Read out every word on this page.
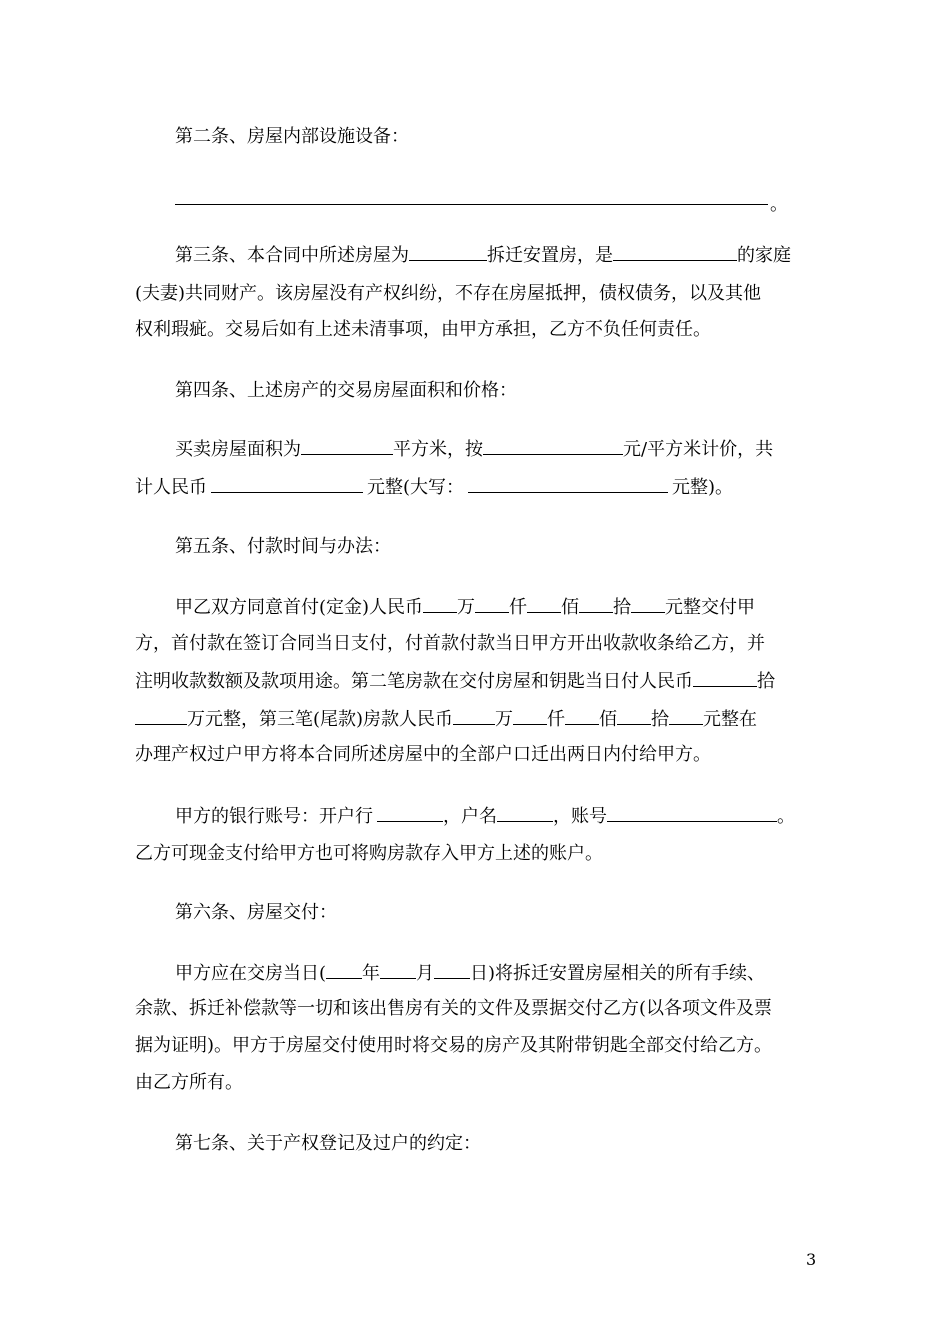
第二条、房屋内部设施设备：
。
第三条、本合同中所述房屋为	拆迁安置房，是	的家庭
(夫妻)共同财产。该房屋没有产权纠纷，不存在房屋抵押，债权债务，以及其他
权利瑕疵。交易后如有上述未清事项，由甲方承担，乙方不负任何责任。
第四条、上述房产的交易房屋面积和价格：
买卖房屋面积为	平方米，按	元/平方米计价，共
计人民币	元整(大写：	元整)。
第五条、付款时间与办法：
甲乙双方同意首付(定金)人民币 万 仟 佰 拾 元整交付甲
方，首付款在签订合同当日支付，付首款付款当日甲方开出收款收条给乙方，并
注明收款数额及款项用途。第二笔房款在交付房屋和钥匙当日付人民币	拾
万元整，第三笔(尾款)房款人民币 万 仟 佰 拾 元整在
办理产权过户甲方将本合同所述房屋中的全部户口迁出两日内付给甲方。
甲方的银行账号：开户行	，户名	，账号	。
乙方可现金支付给甲方也可将购房款存入甲方上述的账户。
第六条、房屋交付：
甲方应在交房当日( 年 月 日)将拆迁安置房屋相关的所有手续、
余款、拆迁补偿款等一切和该出售房有关的文件及票据交付乙方(以各项文件及票
据为证明)。甲方于房屋交付使用时将交易的房产及其附带钥匙全部交付给乙方。
由乙方所有。
第七条、关于产权登记及过户的约定：
3
